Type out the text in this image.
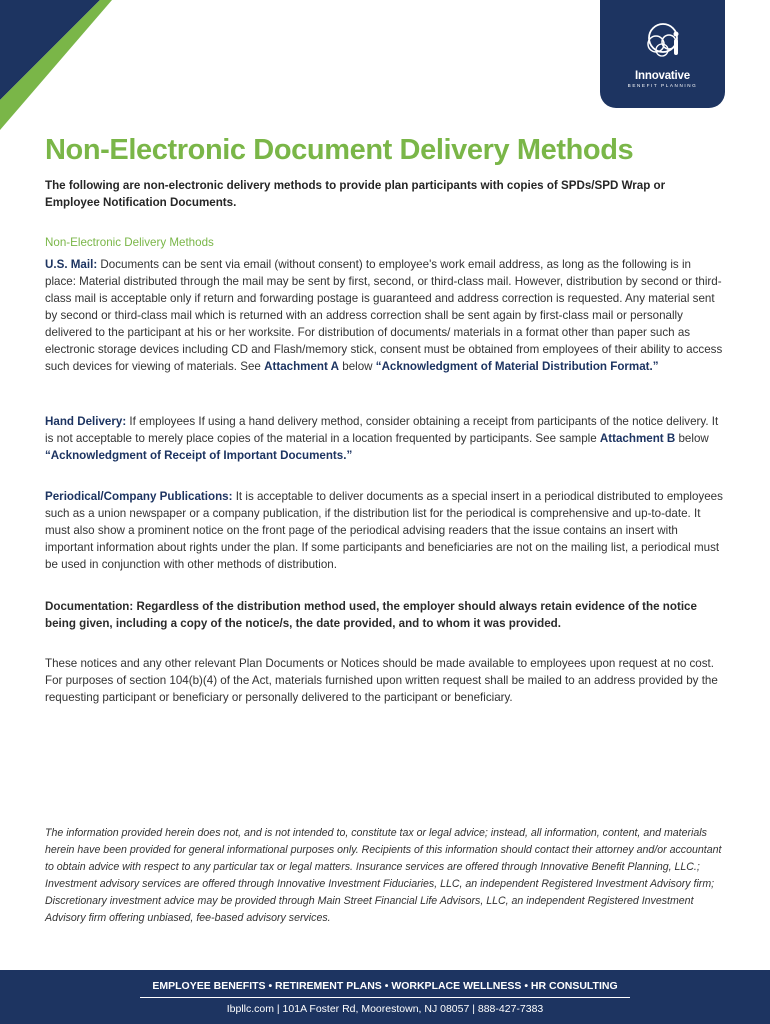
Innovative
BENEFIT PLANNING
Non-Electronic Document Delivery Methods

The following are non-electronic delivery methods to provide plan participants with copies of SPDs/SPD Wrap or Employee Notification Documents.

Non-Electronic Delivery Methods

U.S. Mail: Documents can be sent via email (without consent) to employee's work email address, as long as the following is in place: Material distributed through the mail may be sent by first, second, or third-class mail. However, distribution by second or third-class mail is acceptable only if return and forwarding postage is guaranteed and address correction is requested. Any material sent by second or third-class mail which is returned with an address correction shall be sent again by first-class mail or personally delivered to the participant at his or her worksite. For distribution of documents/ materials in a format other than paper such as electronic storage devices including CD and Flash/memory stick, consent must be obtained from employees of their ability to access such devices for viewing of materials. See Attachment A below “Acknowledgment of Material Distribution Format.”

Hand Delivery: If employees If using a hand delivery method, consider obtaining a receipt from participants of the notice delivery. It is not acceptable to merely place copies of the material in a location frequented by participants. See sample Attachment B below “Acknowledgment of Receipt of Important Documents.”

Periodical/Company Publications: It is acceptable to deliver documents as a special insert in a periodical distributed to employees such as a union newspaper or a company publication, if the distribution list for the periodical is comprehensive and up-to-date. It must also show a prominent notice on the front page of the periodical advising readers that the issue contains an insert with important information about rights under the plan. If some participants and beneficiaries are not on the mailing list, a periodical must be used in conjunction with other methods of distribution.

Documentation: Regardless of the distribution method used, the employer should always retain evidence of the notice being given, including a copy of the notice/s, the date provided, and to whom it was provided.

These notices and any other relevant Plan Documents or Notices should be made available to employees upon request at no cost. For purposes of section 104(b)(4) of the Act, materials furnished upon written request shall be mailed to an address provided by the requesting participant or beneficiary or personally delivered to the participant or beneficiary.

The information provided herein does not, and is not intended to, constitute tax or legal advice; instead, all information, content, and materials herein have been provided for general informational purposes only. Recipients of this information should contact their attorney and/or accountant to obtain advice with respect to any particular tax or legal matters. Insurance services are offered through Innovative Benefit Planning, LLC.; Investment advisory services are offered through Innovative Investment Fiduciaries, LLC, an independent Registered Investment Advisory firm; Discretionary investment advice may be provided through Main Street Financial Life Advisors, LLC, an independent Registered Investment Advisory firm offering unbiased, fee-based advisory services.

EMPLOYEE BENEFITS • RETIREMENT PLANS • WORKPLACE WELLNESS • HR CONSULTING
Ibpllc.com | 101A Foster Rd, Moorestown, NJ 08057 | 888-427-7383
